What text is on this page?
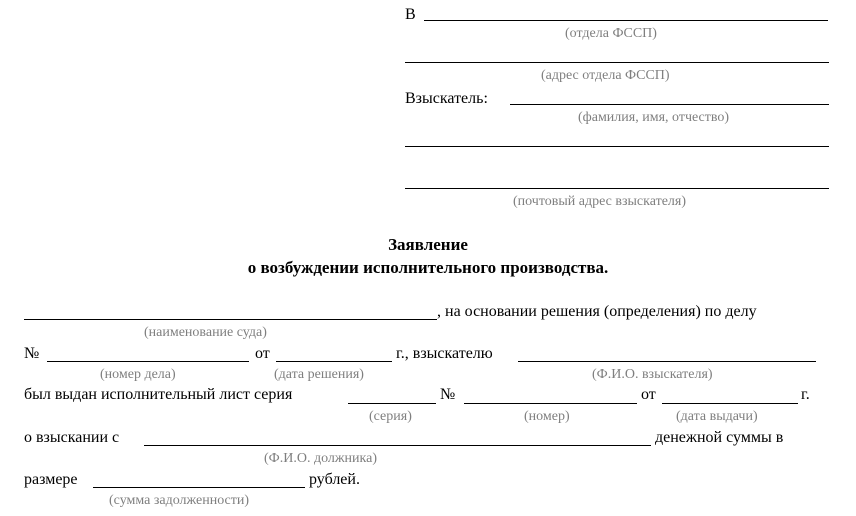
В
(отдела ФССП)
(адрес отдела ФССП)
Взыскатель:
(фамилия, имя, отчество)
(почтовый адрес взыскателя)
Заявление
о возбуждении исполнительного производства.
, на основании решения (определения) по делу
(наименование суда)
№	от	г., взыскателю
(номер дела)	(дата решения)	(Ф.И.О. взыскателя)
был выдан исполнительный лист серия	№	от	г.
(серия)	(номер)	(дата выдачи)
о взыскании с	денежной суммы в
(Ф.И.О. должника)
размере	рублей.
(сумма задолженности)
